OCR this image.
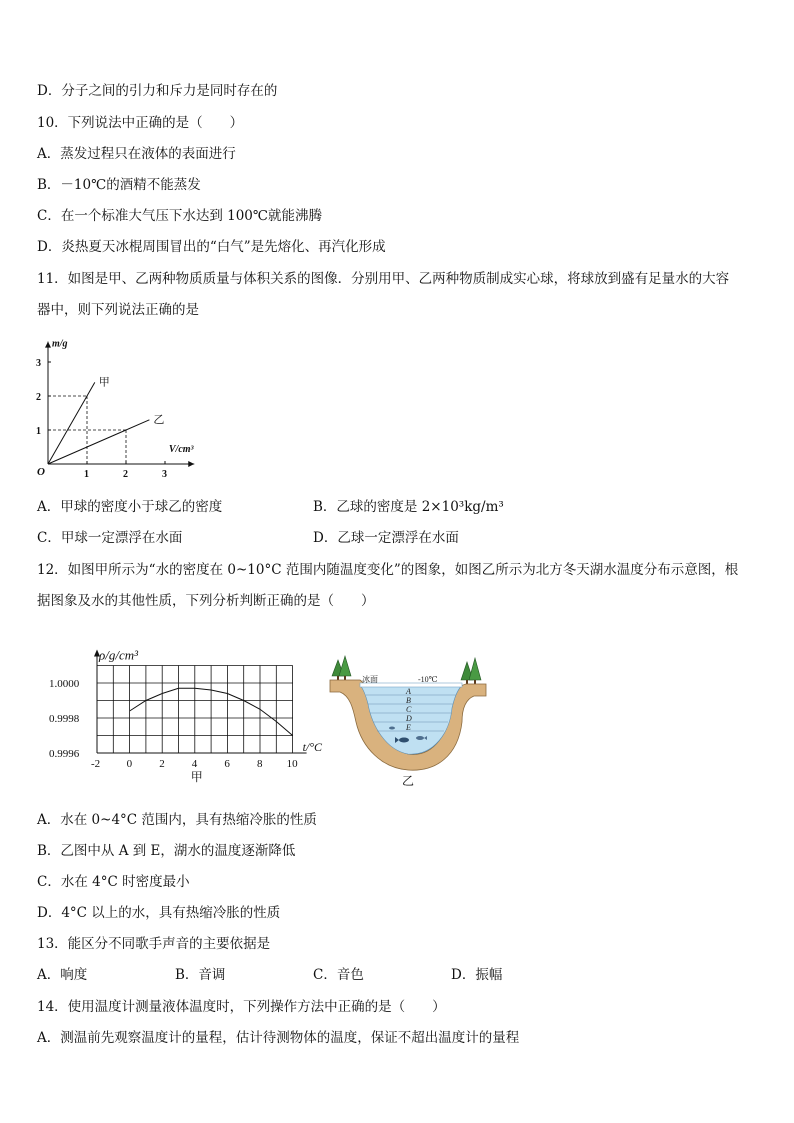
D．分子之间的引力和斥力是同时存在的
10．下列说法中正确的是（　　）
A．蒸发过程只在液体的表面进行
B．－10℃的酒精不能蒸发
C．在一个标准大气压下水达到 100℃就能沸腾
D．炎热夏天冰棍周围冒出的“白气”是先熔化、再汽化形成
11．如图是甲、乙两种物质质量与体积关系的图像．分别用甲、乙两种物质制成实心球，将球放到盛有足量水的大容
器中，则下列说法正确的是
1	2	3
1
2
3
O
m/g
V/cm³
甲
乙
A．甲球的密度小于球乙的密度	B．乙球的密度是 2×10³kg/m³
C．甲球一定漂浮在水面	D．乙球一定漂浮在水面
12．如图甲所示为“水的密度在 0~10°C 范围内随温度变化”的图象，如图乙所示为北方冬天湖水温度分布示意图，根
据图象及水的其他性质，下列分析判断正确的是（　　）
-2 0 2 4 6 8 10
1.0000
0.9998
0.9996
ρ/g/cm³
t/°C
甲
A
B
C
D
E
冰面	-10℃
乙
A．水在 0~4°C 范围内，具有热缩冷胀的性质
B．乙图中从 A 到 E，湖水的温度逐渐降低
C．水在 4°C 时密度最小
D．4°C 以上的水，具有热缩冷胀的性质
13．能区分不同歌手声音的主要依据是
A．响度	B．音调	C．音色	D．振幅
14．使用温度计测量液体温度时，下列操作方法中正确的是（　　）
A．测温前先观察温度计的量程，估计待测物体的温度，保证不超出温度计的量程
